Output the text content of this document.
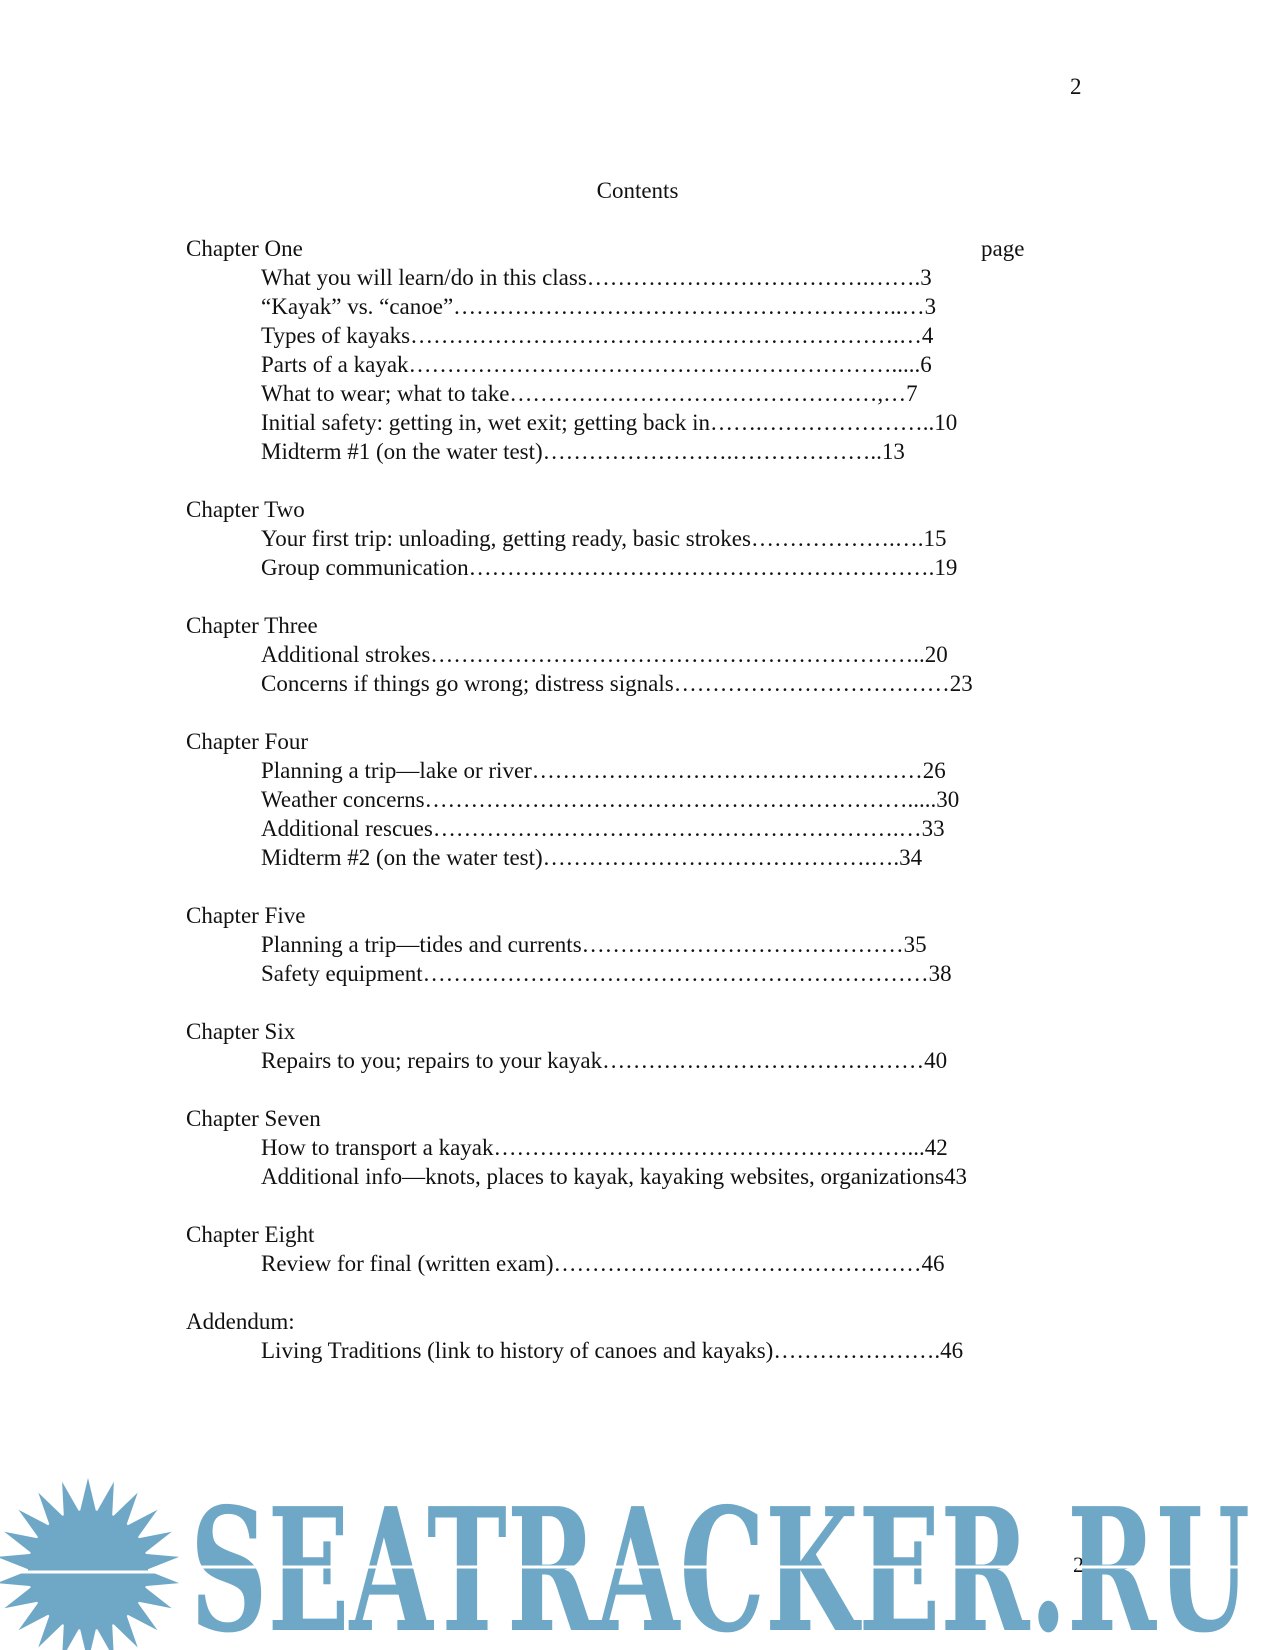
2
Contents
Chapter One	page
What you will learn/do in this class……………………………….…….3
“Kayak” vs. “canoe”…………………………………………………..…3
Types of kayaks……………………………………………………….…4
Parts of a kayak……………………………………………………….....6
What to wear; what to take…………………………………………,…7
Initial safety: getting in, wet exit; getting back in…….…………………..10
Midterm #1 (on the water test)…………………….………………..13
Chapter Two
Your first trip: unloading, getting ready, basic strokes……………….….15
Group communication…………………………………………………….19
Chapter Three
Additional strokes………………………………………………………..20
Concerns if things go wrong; distress signals………………………………23
Chapter Four
Planning a trip—lake or river……………………………………………26
Weather concerns……………………………………………………….....30
Additional rescues…………………………………………………….…33
Midterm #2 (on the water test)…………………………………….….34
Chapter Five
Planning a trip—tides and currents……………………………………35
Safety equipment…………………………………………………………38
Chapter Six
Repairs to you; repairs to your kayak……………………………………40
Chapter Seven
How to transport a kayak………………………………………………...42
Additional info—knots, places to kayak, kayaking websites, organizations43
Chapter Eight
Review for final (written exam)…………………………………………46
Addendum:
Living Traditions (link to history of canoes and kayaks)………………….46
2
SEATRACKER.RU
